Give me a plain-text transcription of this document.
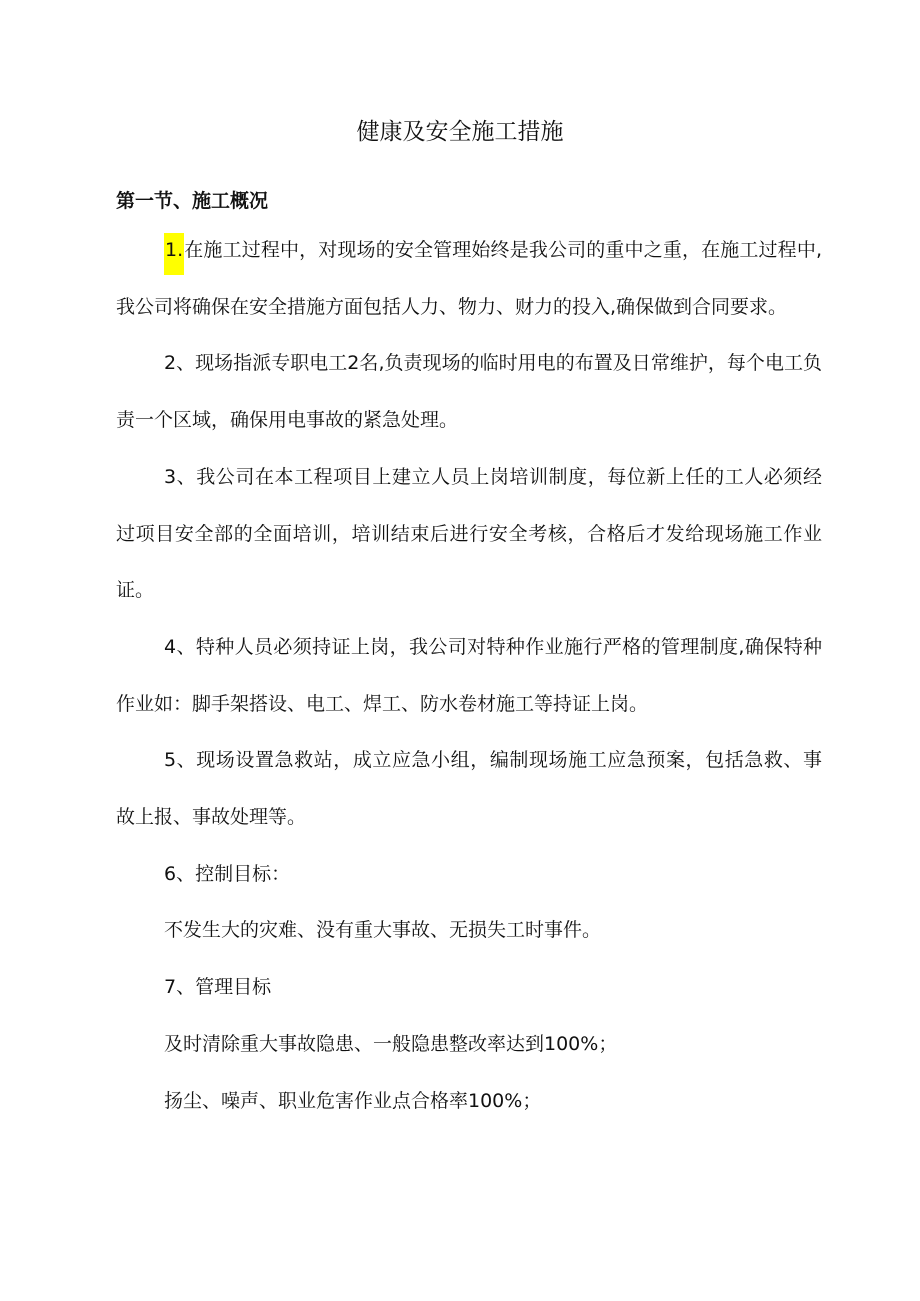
健康及安全施工措施
第一节、施工概况

1.在施工过程中，对现场的安全管理始终是我公司的重中之重，在施工过程中,我公司将确保在安全措施方面包括人力、物力、财力的投入,确保做到合同要求。

2、现场指派专职电工2名,负责现场的临时用电的布置及日常维护，每个电工负责一个区域，确保用电事故的紧急处理。

3、我公司在本工程项目上建立人员上岗培训制度，每位新上任的工人必须经过项目安全部的全面培训，培训结束后进行安全考核，合格后才发给现场施工作业证。

4、特种人员必须持证上岗，我公司对特种作业施行严格的管理制度,确保特种作业如：脚手架搭设、电工、焊工、防水卷材施工等持证上岗。

5、现场设置急救站，成立应急小组，编制现场施工应急预案，包括急救、事故上报、事故处理等。

6、控制目标：

不发生大的灾难、没有重大事故、无损失工时事件。

7、管理目标

及时清除重大事故隐患、一般隐患整改率达到100%；

扬尘、噪声、职业危害作业点合格率100%；
